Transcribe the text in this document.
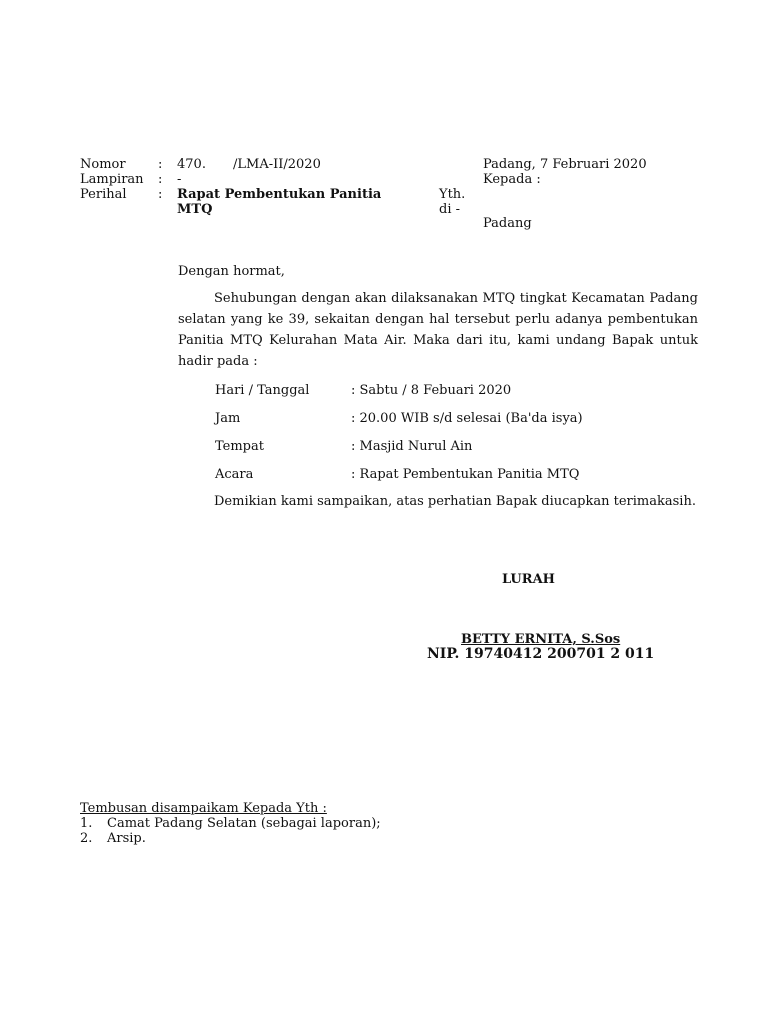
Nomor : 470. /LMA-II/2020
Lampiran : -
Perihal : Rapat Pembentukan Panitia
MTQ
Yth.
di -
Padang, 7 Februari 2020
Kepada :
Padang
Dengan hormat,
Sehubungan dengan akan dilaksanakan MTQ tingkat Kecamatan Padang selatan yang ke 39, sekaitan dengan hal tersebut perlu adanya pembentukan Panitia MTQ Kelurahan Mata Air. Maka dari itu, kami undang Bapak untuk hadir pada :
Hari / Tanggal	: Sabtu / 8 Febuari 2020
Jam	: 20.00 WIB s/d selesai (Ba'da isya)
Tempat	: Masjid Nurul Ain
Acara	: Rapat Pembentukan Panitia MTQ
Demikian kami sampaikan, atas perhatian Bapak diucapkan terimakasih.
LURAH
BETTY ERNITA, S.Sos
NIP. 19740412 200701 2 011
Tembusan disampaikam Kepada Yth :
1. Camat Padang Selatan (sebagai laporan);
2. Arsip.
